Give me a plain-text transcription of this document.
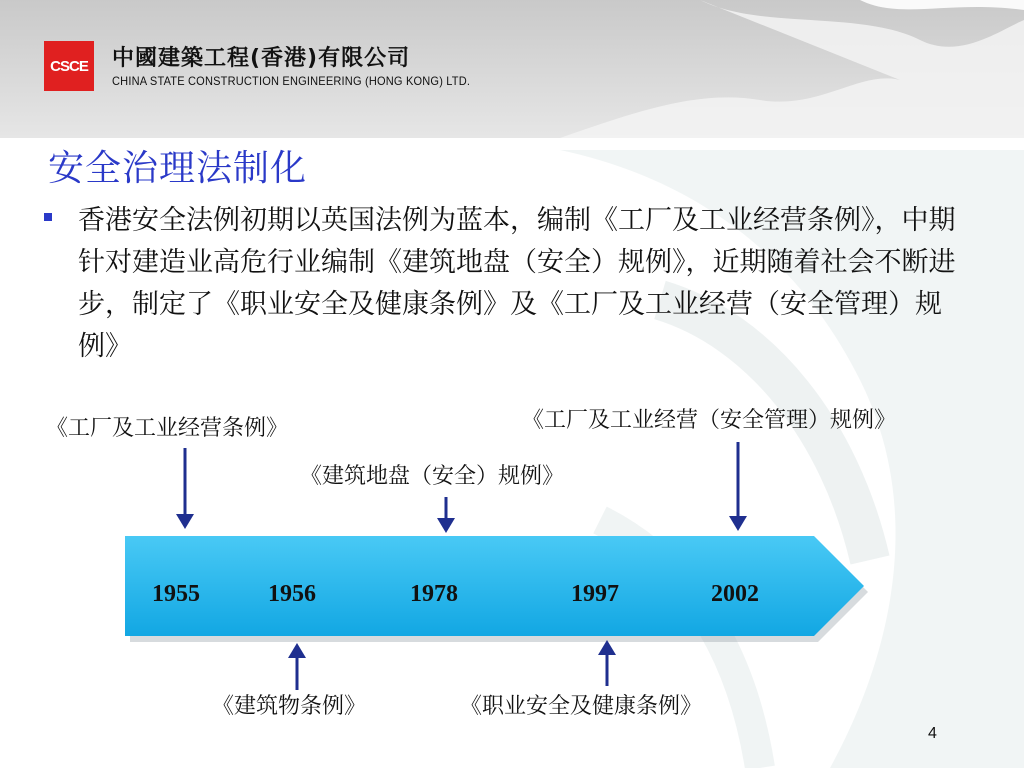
CSCE 中國建築工程(香港)有限公司
CHINA STATE CONSTRUCTION ENGINEERING (HONG KONG) LTD.
安全治理法制化
香港安全法例初期以英国法例为蓝本，编制《工厂及工业经营条例》，中期针对建造业高危行业编制《建筑地盘（安全）规例》，近期随着社会不断进步，制定了《职业安全及健康条例》及《工厂及工业经营（安全管理）规例》
1955	1956	1978	1997	2002
《工厂及工业经营条例》
《建筑地盘（安全）规例》
《工厂及工业经营（安全管理）规例》
《建筑物条例》	《职业安全及健康条例》
4
